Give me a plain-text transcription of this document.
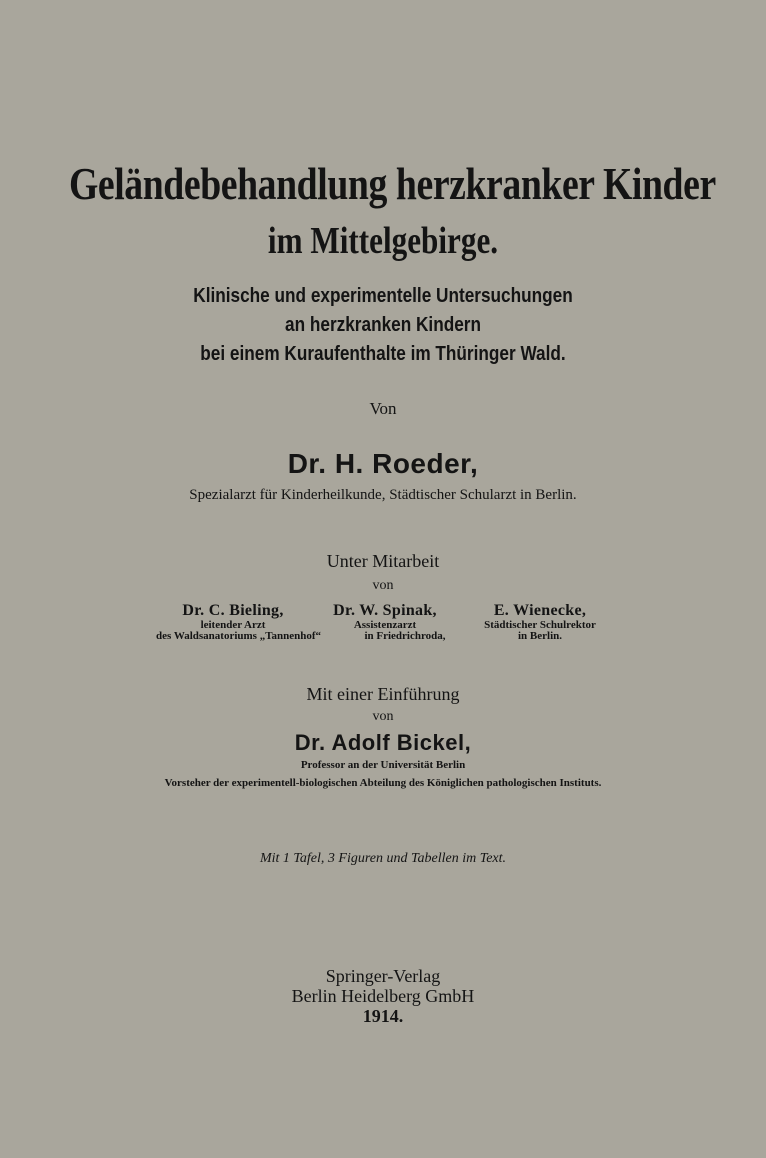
Geländebehandlung herzkranker Kinder
im Mittelgebirge.
Klinische und experimentelle Untersuchungen
an herzkranken Kindern
bei einem Kuraufenthalte im Thüringer Wald.
Von
Dr. H. Roeder,
Spezialarzt für Kinderheilkunde, Städtischer Schularzt in Berlin.
Unter Mitarbeit
von
Dr. C. Bieling,
leitender Arzt
des Waldsanatoriums „Tannenhof“
Dr. W. Spinak,
Assistenzarzt
in Friedrichroda,
E. Wienecke,
Städtischer Schulrektor
in Berlin.
Mit einer Einführung
von
Dr. Adolf Bickel,
Professor an der Universität Berlin
Vorsteher der experimentell-biologischen Abteilung des Königlichen pathologischen Instituts.
Mit 1 Tafel, 3 Figuren und Tabellen im Text.
Springer-Verlag
Berlin Heidelberg GmbH
1914.
